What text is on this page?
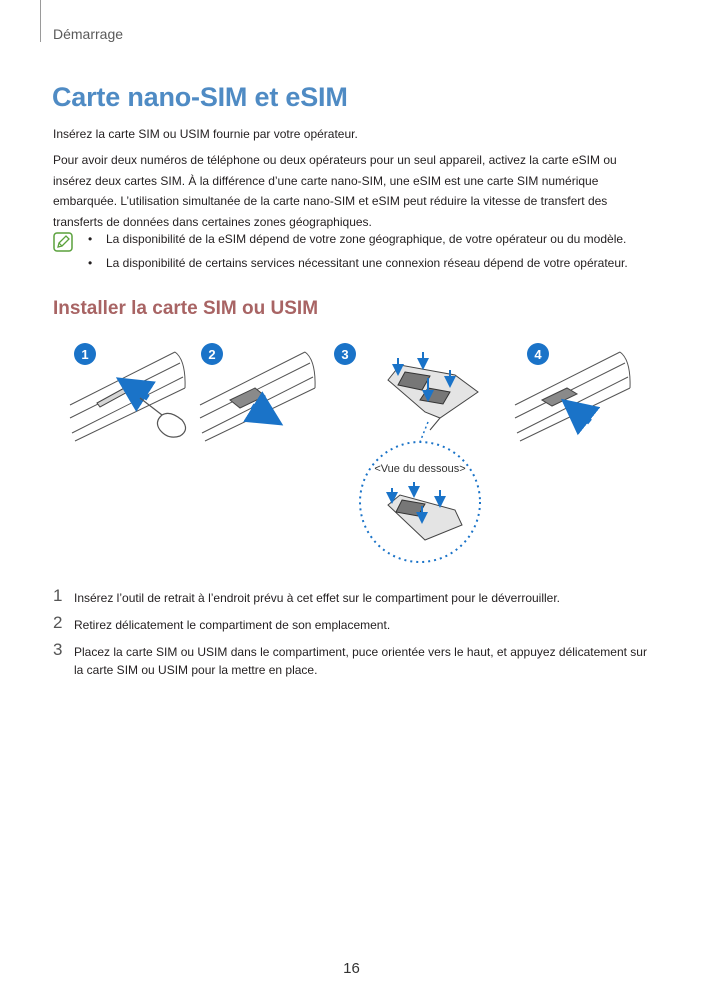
Démarrage
Carte nano-SIM et eSIM

Insérez la carte SIM ou USIM fournie par votre opérateur.

Pour avoir deux numéros de téléphone ou deux opérateurs pour un seul appareil, activez la carte eSIM ou insérez deux cartes SIM. À la différence d’une carte nano-SIM, une eSIM est une carte SIM numérique embarquée. L’utilisation simultanée de la carte nano-SIM et eSIM peut réduire la vitesse de transfert des transferts de données dans certaines zones géographiques.

• La disponibilité de la eSIM dépend de votre zone géographique, de votre opérateur ou du modèle.
• La disponibilité de certains services nécessitant une connexion réseau dépend de votre opérateur.
Installer la carte SIM ou USIM
1	2	3
<Vue du dessous>
4
1 Insérez l’outil de retrait à l’endroit prévu à cet effet sur le compartiment pour le déverrouiller.
2 Retirez délicatement le compartiment de son emplacement.
3 Placez la carte SIM ou USIM dans le compartiment, puce orientée vers le haut, et appuyez délicatement sur la carte SIM ou USIM pour la mettre en place.
16
